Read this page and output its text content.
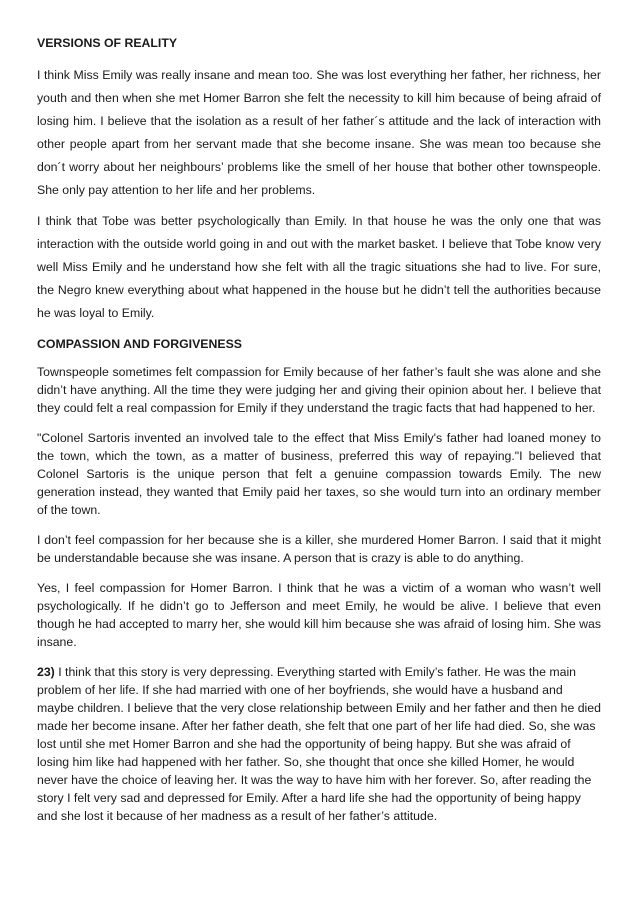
VERSIONS OF REALITY

I think Miss Emily was really insane and mean too. She was lost everything her father, her richness, her youth and then when she met Homer Barron she felt the necessity to kill him because of being afraid of losing him. I believe that the isolation as a result of her father´s attitude and the lack of interaction with other people apart from her servant made that she become insane. She was mean too because she don´t worry about her neighbours’ problems like the smell of her house that bother other townspeople. She only pay attention to her life and her problems.

I think that Tobe was better psychologically than Emily. In that house he was the only one that was interaction with the outside world going in and out with the market basket. I believe that Tobe know very well Miss Emily and he understand how she felt with all the tragic situations she had to live. For sure, the Negro knew everything about what happened in the house but he didn’t tell the authorities because he was loyal to Emily.

COMPASSION AND FORGIVENESS

Townspeople sometimes felt compassion for Emily because of her father’s fault she was alone and she didn’t have anything. All the time they were judging her and giving their opinion about her. I believe that they could felt a real compassion for Emily if they understand the tragic facts that had happened to her.

"Colonel Sartoris invented an involved tale to the effect that Miss Emily's father had loaned money to the town, which the town, as a matter of business, preferred this way of repaying."I believed that Colonel Sartoris is the unique person that felt a genuine compassion towards Emily. The new generation instead, they wanted that Emily paid her taxes, so she would turn into an ordinary member of the town.

I don’t feel compassion for her because she is a killer, she murdered Homer Barron. I said that it might be understandable because she was insane. A person that is crazy is able to do anything.

Yes, I feel compassion for Homer Barron. I think that he was a victim of a woman who wasn’t well psychologically. If he didn’t go to Jefferson and meet Emily, he would be alive. I believe that even though he had accepted to marry her, she would kill him because she was afraid of losing him. She was insane.

23) I think that this story is very depressing. Everything started with Emily’s father. He was the main problem of her life. If she had married with one of her boyfriends, she would have a husband and maybe children. I believe that the very close relationship between Emily and her father and then he died made her become insane. After her father death, she felt that one part of her life had died. So, she was lost until she met Homer Barron and she had the opportunity of being happy. But she was afraid of losing him like had happened with her father. So, she thought that once she killed Homer, he would never have the choice of leaving her. It was the way to have him with her forever. So, after reading the story I felt very sad and depressed for Emily. After a hard life she had the opportunity of being happy and she lost it because of her madness as a result of her father’s attitude.
